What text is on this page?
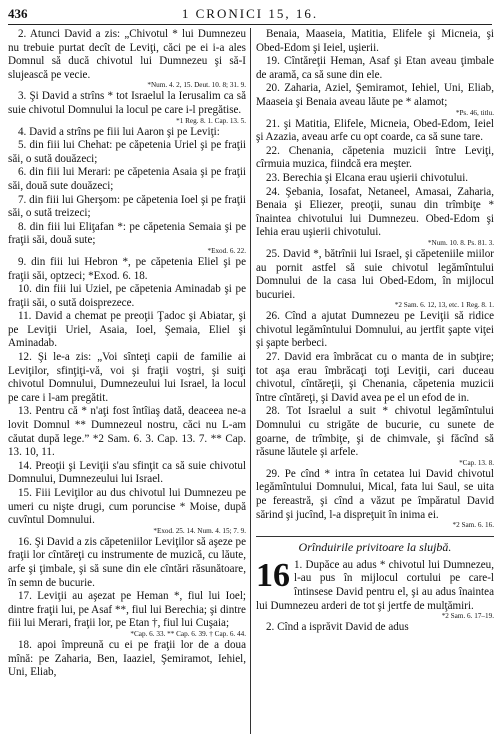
436	1 CRONICI 15, 16.
2. Atunci David a zis: „Chivotul * lui Dumnezeu nu trebuie purtat decît de Leviţi, căci pe ei i-a ales Domnul să ducă chivotul lui Dumnezeu şi să-I slujească pe vecie.
*Num. 4. 2, 15. Deut. 10. 8; 31. 9.
3. Şi David a strîns * tot Israelul la Ierusalim ca să suie chivotul Domnului la locul pe care i-l pregătise.
*1 Reg. 8. 1. Cap. 13. 5.
4. David a strîns pe fiii lui Aaron şi pe Leviţi:
5. din fiii lui Chehat: pe căpetenia Uriel şi pe fraţii săi, o sută douăzeci;
6. din fiii lui Merari: pe căpetenia Asaia şi pe fraţii săi, două sute douăzeci;
7. din fiii lui Gherşom: pe căpetenia Ioel şi pe fraţii săi, o sută treizeci;
8. din fiii lui Eliţafan *: pe căpetenia Semaia şi pe fraţii săi, două sute;
*Exod. 6. 22.
9. din fiii lui Hebron *, pe căpetenia Eliel şi pe fraţii săi, optzeci; *Exod. 6. 18.
10. din fiii lui Uziel, pe căpetenia Aminadab şi pe fraţii săi, o sută doisprezece.
11. David a chemat pe preoţii Ţadoc şi Abiatar, şi pe Leviţii Uriel, Asaia, Ioel, Şemaia, Eliel şi Aminadab.
12. Şi le-a zis: „Voi sînteţi capii de familie ai Leviţilor, sfinţiţi-vă, voi şi fraţii voştri, şi suiţi chivotul Domnului, Dumnezeului lui Israel, la locul pe care i l-am pregătit.
13. Pentru că * n'aţi fost întîiaş dată, deaceea ne-a lovit Domnul ** Dumnezeul nostru, căci nu L-am căutat după lege.” *2 Sam. 6. 3. Cap. 13. 7. ** Cap. 13. 10, 11.
14. Preoţii şi Leviţii s'au sfinţit ca să suie chivotul Domnului, Dumnezeului lui Israel.
15. Fiii Leviţilor au dus chivotul lui Dumnezeu pe umeri cu nişte drugi, cum poruncise * Moise, după cuvîntul Domnului.
*Exod. 25. 14. Num. 4. 15; 7. 9.
16. Şi David a zis căpeteniilor Leviţilor să aşeze pe fraţii lor cîntăreţi cu instrumente de muzică, cu lăute, arfe şi ţimbale, şi să sune din ele cîntări răsunătoare, în semn de bucurie.
17. Leviţii au aşezat pe Heman *, fiul lui Ioel; dintre fraţii lui, pe Asaf **, fiul lui Berechia; şi dintre fiii lui Merari, fraţii lor, pe Etan †, fiul lui Cuşaia;
*Cap. 6. 33. ** Cap. 6. 39. † Cap. 6. 44.
18. apoi împreună cu ei pe fraţii lor de a doua mînă: pe Zaharia, Ben, Iaaziel, Şemiramot, Iehiel, Uni, Eliab,
Benaia, Maaseia, Matitia, Elifele şi Micneia, şi Obed-Edom şi Ieiel, uşierii.
19. Cîntăreţii Heman, Asaf şi Etan aveau ţimbale de aramă, ca să sune din ele.
20. Zaharia, Aziel, Şemiramot, Iehiel, Uni, Eliab, Maaseia şi Benaia aveau lăute pe * alamot;
*Ps. 46, titlu.
21. şi Matitia, Elifele, Micneia, Obed-Edom, Ieiel şi Azazia, aveau arfe cu opt coarde, ca să sune tare.
22. Chenania, căpetenia muzicii între Leviţi, cîrmuia muzica, fiindcă era meşter.
23. Berechia şi Elcana erau uşierii chivotului.
24. Şebania, Iosafat, Netaneel, Amasai, Zaharia, Benaia şi Eliezer, preoţii, sunau din trîmbiţe * înaintea chivotului lui Dumnezeu. Obed-Edom şi Iehia erau uşierii chivotului.
*Num. 10. 8. Ps. 81. 3.
25. David *, bătrînii lui Israel, şi căpeteniile miilor au pornit astfel să suie chivotul legămîntului Domnului de la casa lui Obed-Edom, în mijlocul bucuriei.
*2 Sam. 6. 12, 13, etc. 1 Reg. 8. 1.
26. Cînd a ajutat Dumnezeu pe Leviţii să ridice chivotul legămîntului Domnului, au jertfit şapte viţei şi şapte berbeci.
27. David era îmbrăcat cu o manta de in subţire; tot aşa erau îmbrăcaţi toţi Leviţii, cari duceau chivotul, cîntăreţii, şi Chenania, căpetenia muzicii între cîntăreţi, şi David avea pe el un efod de in.
28. Tot Israelul a suit * chivotul legămîntului Domnului cu strigăte de bucurie, cu sunete de goarne, de trîmbiţe, şi de chimvale, şi făcînd să răsune lăutele şi arfele.
*Cap. 13. 8.
29. Pe cînd * intra în cetatea lui David chivotul legămîntului Domnului, Mical, fata lui Saul, se uita pe fereastră, şi cînd a văzut pe împăratul David sărind şi jucînd, l-a dispreţuit în inima ei.
*2 Sam. 6. 16.
Orînduirile privitoare la slujbă.
16 1. Dupăce au adus * chivotul lui Dumnezeu, l-au pus în mijlocul cortului pe care-l întinsese David pentru el, şi au adus înaintea lui Dumnezeu arderi de tot şi jertfe de mulţămiri.
*2 Sam. 6. 17–19.
2. Cînd a isprăvit David de adus
